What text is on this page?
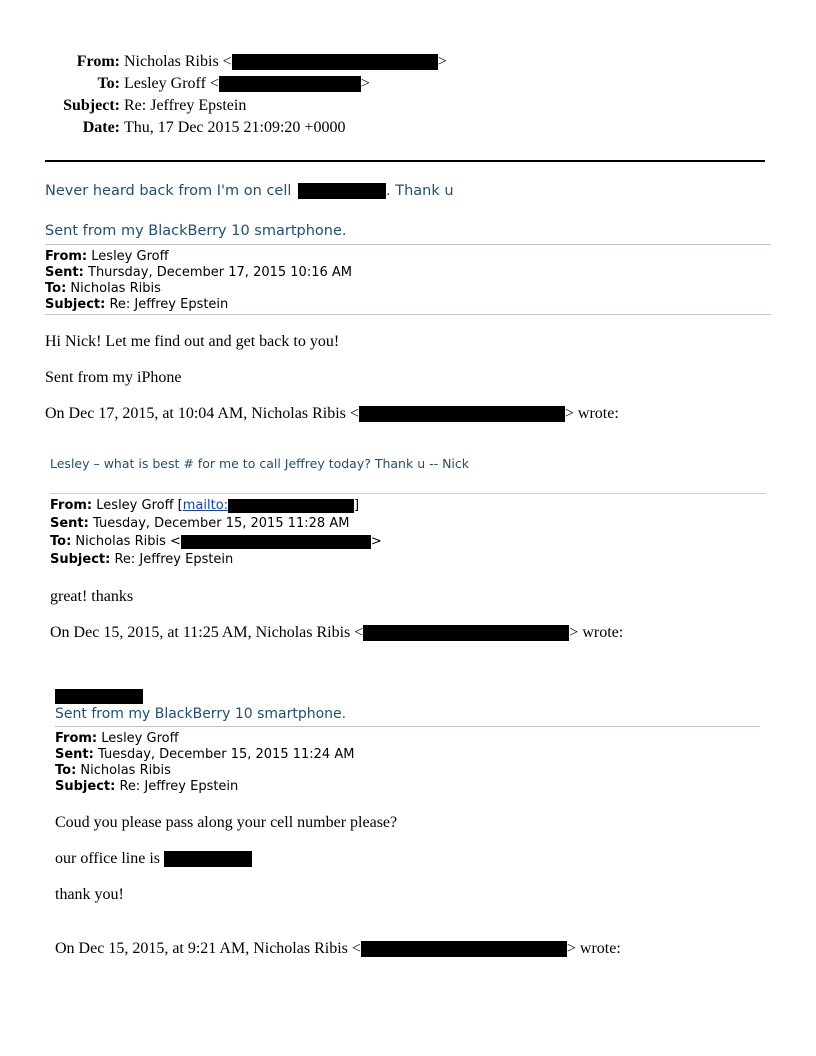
From: Nicholas Ribis <	>
To: Lesley Groff <	>
Subject: Re: Jeffrey Epstein
Date: Thu, 17 Dec 2015 21:09:20 +0000
Never heard back from I'm on cell	. Thank u
Sent from my BlackBerry 10 smartphone.
From: Lesley Groff
Sent: Thursday, December 17, 2015 10:16 AM
To: Nicholas Ribis
Subject: Re: Jeffrey Epstein
Hi Nick! Let me find out and get back to you!
Sent from my iPhone
On Dec 17, 2015, at 10:04 AM, Nicholas Ribis <	> wrote:
Lesley – what is best # for me to call Jeffrey today? Thank u -- Nick
From: Lesley Groff [mailto:	]
Sent: Tuesday, December 15, 2015 11:28 AM
To: Nicholas Ribis <	>
Subject: Re: Jeffrey Epstein
great! thanks
On Dec 15, 2015, at 11:25 AM, Nicholas Ribis <	> wrote:
Sent from my BlackBerry 10 smartphone.
From: Lesley Groff
Sent: Tuesday, December 15, 2015 11:24 AM
To: Nicholas Ribis
Subject: Re: Jeffrey Epstein
Coud you please pass along your cell number please?
our office line is
thank you!
On Dec 15, 2015, at 9:21 AM, Nicholas Ribis <	> wrote:
